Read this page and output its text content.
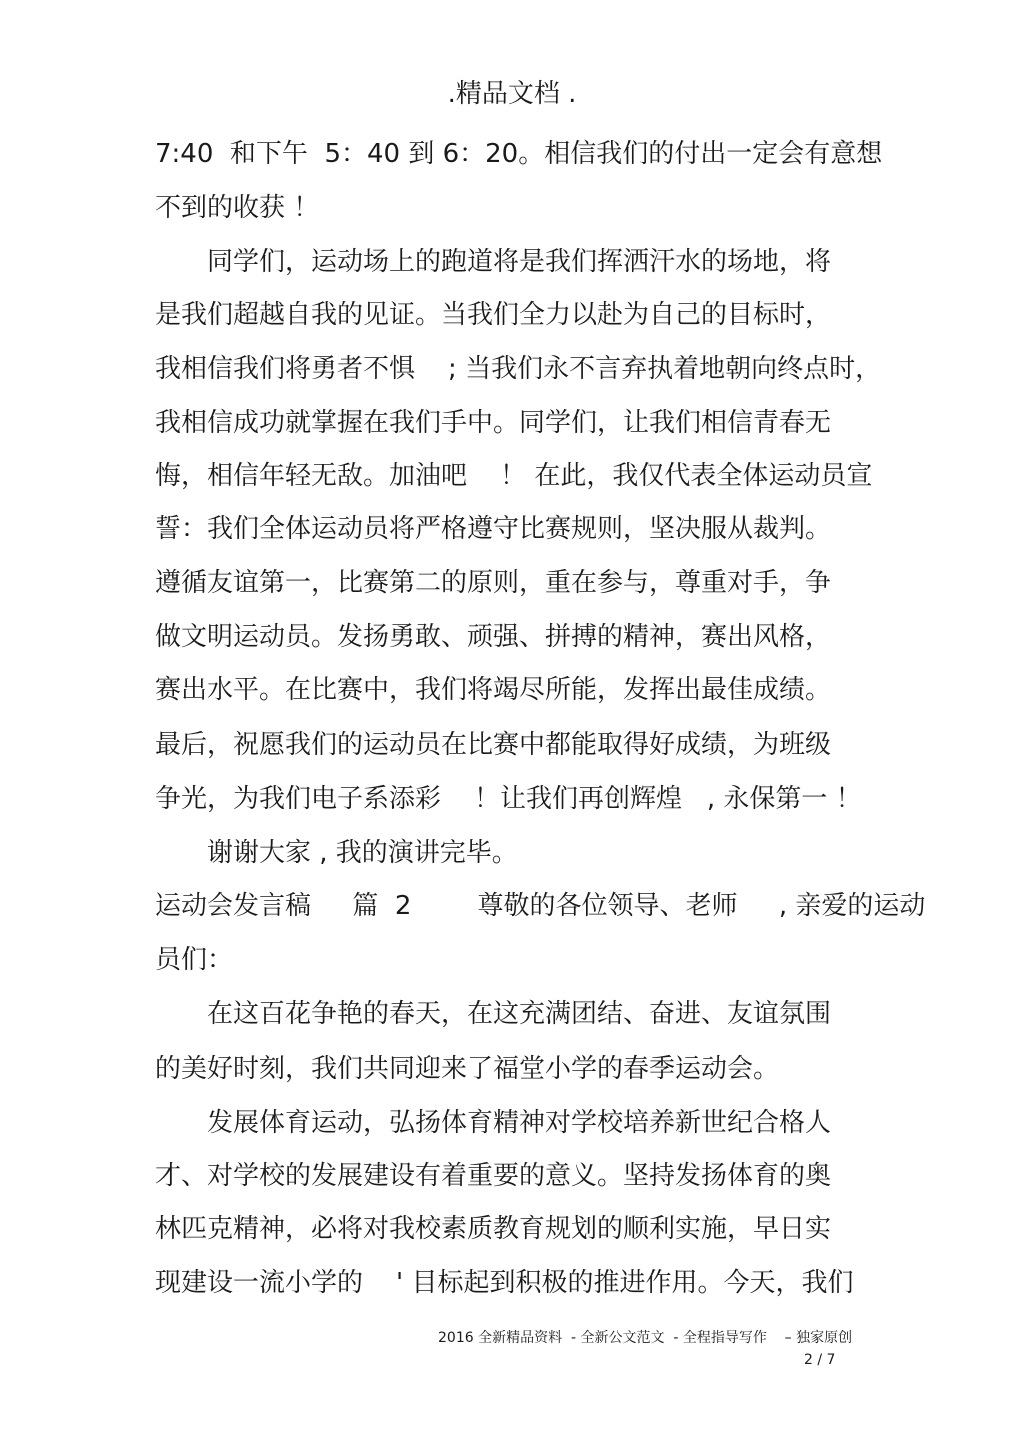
.精品文档 .
7:40  和下午  5：40 到 6：20。相信我们的付出一定会有意想
不到的收获 ！
同学们，运动场上的跑道将是我们挥洒汗水的场地，将
是我们超越自我的见证。当我们全力以赴为自己的目标时，
我相信我们将勇者不惧    ; 当我们永不言弃执着地朝向终点时，
我相信成功就掌握在我们手中。同学们，让我们相信青春无
悔，相信年轻无敌。加油吧    ！ 在此，我仅代表全体运动员宣
誓：我们全体运动员将严格遵守比赛规则，坚决服从裁判。
遵循友谊第一，比赛第二的原则，重在参与，尊重对手，争
做文明运动员。发扬勇敢、顽强、拼搏的精神，赛出风格，
赛出水平。在比赛中，我们将竭尽所能，发挥出最佳成绩。
最后，祝愿我们的运动员在比赛中都能取得好成绩，为班级
争光，为我们电子系添彩    ！让我们再创辉煌   , 永保第一 ！
谢谢大家 , 我的演讲完毕。
运动会发言稿     篇  2        尊敬的各位领导、老师     , 亲爱的运动
员们：
在这百花争艳的春天，在这充满团结、奋进、友谊氛围
的美好时刻，我们共同迎来了福堂小学的春季运动会。
发展体育运动，弘扬体育精神对学校培养新世纪合格人
才、对学校的发展建设有着重要的意义。坚持发扬体育的奥
林匹克精神，必将对我校素质教育规划的顺利实施，早日实
现建设一流小学的    ' 目标起到积极的推进作用。今天，我们
2016 全新精品资料  - 全新公文范文  - 全程指导写作    – 独家原创
2 / 7
